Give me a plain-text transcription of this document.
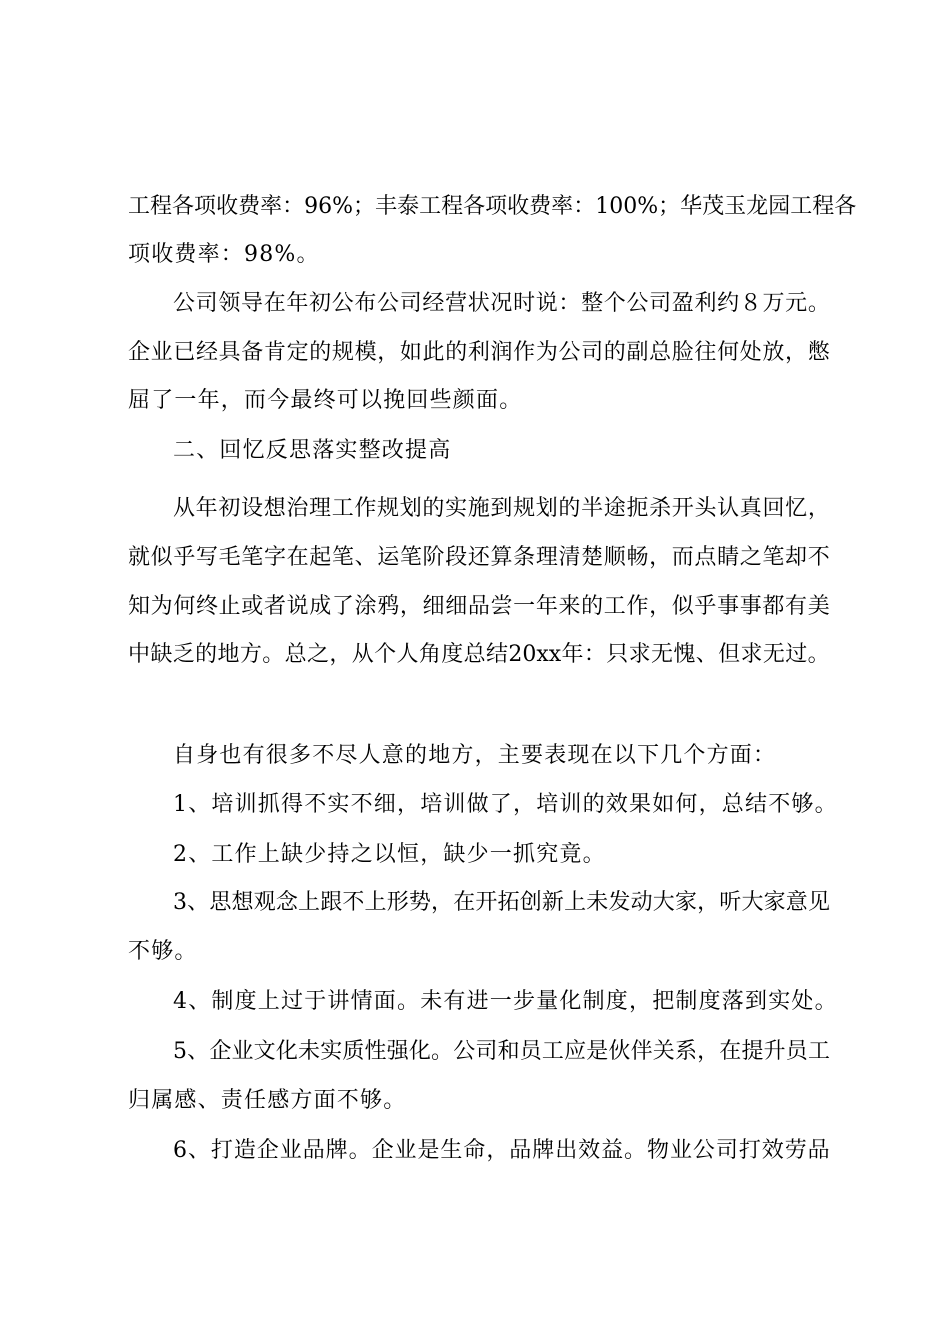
工 程 各 项 收 费 率 ： 96% ； 丰 泰 工 程 各 项 收 费 率 ： 100% ； 华 茂 玉 龙 园 工 程 各
项收费率：98%。
公 司 领 导 在 年 初 公 布 公 司 经 营 状 况 时 说 ： 整 个 公 司 盈 利 约 ８ 万 元 。
企 业 已 经 具 备 肯 定 的 规 模 ， 如 此 的 利 润 作 为 公 司 的 副 总 脸 往 何 处 放 ， 憋
屈了一年，而今最终可以挽回些颜面。
二、回忆反思落实整改提高
从 年 初 设 想 治 理 工 作 规 划 的 实 施 到 规 划 的 半 途 扼 杀 开 头 认 真 回 忆 ，
就 似 乎 写 毛 笔 字 在 起 笔 、 运 笔 阶 段 还 算 条 理 清 楚 顺 畅 ， 而 点 睛 之 笔 却 不
知 为 何 终 止 或 者 说 成 了 涂 鸦 ， 细 细 品 尝 一 年 来 的 工 作 ， 似 乎 事 事 都 有 美
中 缺 乏 的 地 方 。 总 之 ， 从 个 人 角 度 总 结 20xx 年 ： 只 求 无 愧 、 但 求 无 过 。
自身也有很多不尽人意的地方，主要表现在以下几个方面：
1、培训抓得不实不细，培训做了，培训的效果如何，总结不够。
2、工作上缺少持之以恒，缺少一抓究竟。
3 、 思 想 观 念 上 跟 不 上 形 势 ， 在 开 拓 创 新 上 未 发 动 大 家 ， 听 大 家 意 见
不够。
4、制度上过于讲情面。未有进一步量化制度，把制度落到实处。
5 、 企 业 文 化 未 实 质 性 强 化 。 公 司 和 员 工 应 是 伙 伴 关 系 ， 在 提 升 员 工
归属感、责任感方面不够。
6 、 打 造 企 业 品 牌 。 企 业 是 生 命 ， 品 牌 出 效 益 。 物 业 公 司 打 效 劳 品
